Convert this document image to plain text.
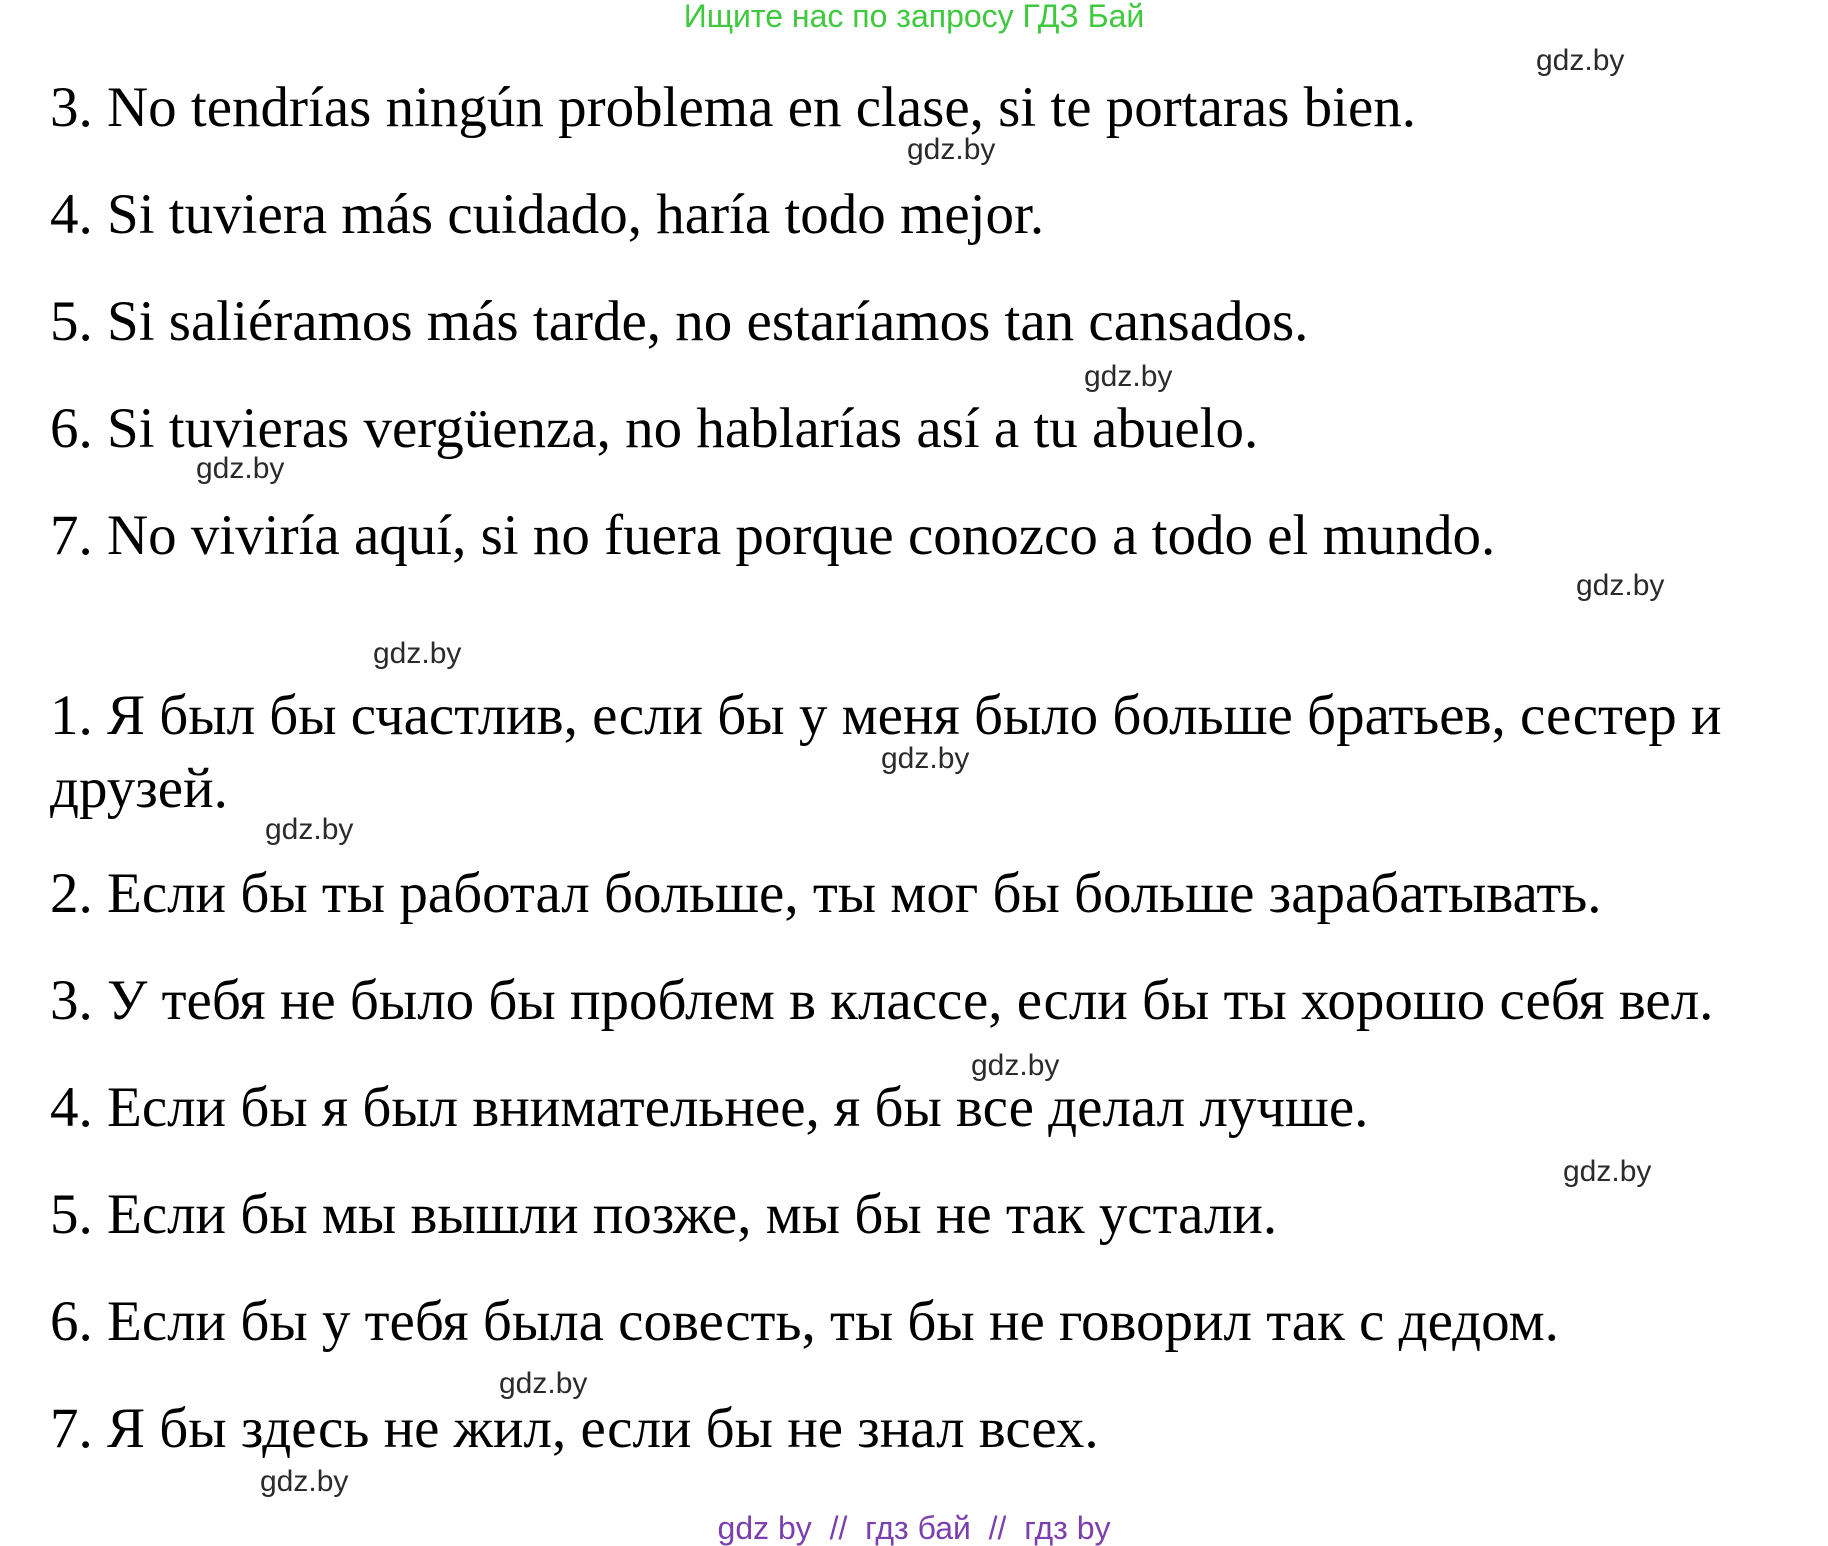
Ищите нас по запросу ГДЗ Бай
3. No tendrías ningún problema en clase, si te portaras bien.
4. Si tuviera más cuidado, haría todo mejor.
5. Si saliéramos más tarde, no estaríamos tan cansados.
6. Si tuvieras vergüenza, no hablarías así a tu abuelo.
7. No viviría aquí, si no fuera porque conozco a todo el mundo.
1. Я был бы счастлив, если бы у меня было больше братьев, сестер и
друзей.
2. Если бы ты работал больше, ты мог бы больше зарабатывать.
3. У тебя не было бы проблем в классе, если бы ты хорошо себя вел.
4. Если бы я был внимательнее, я бы все делал лучше.
5. Если бы мы вышли позже, мы бы не так устали.
6. Если бы у тебя была совесть, ты бы не говорил так с дедом.
7. Я бы здесь не жил, если бы не знал всех.
gdz.by
gdz.by
gdz.by
gdz.by
gdz.by
gdz.by
gdz.by
gdz.by
gdz.by
gdz.by
gdz.by
gdz.by
gdz by  //  гдз бай  //  гдз by
